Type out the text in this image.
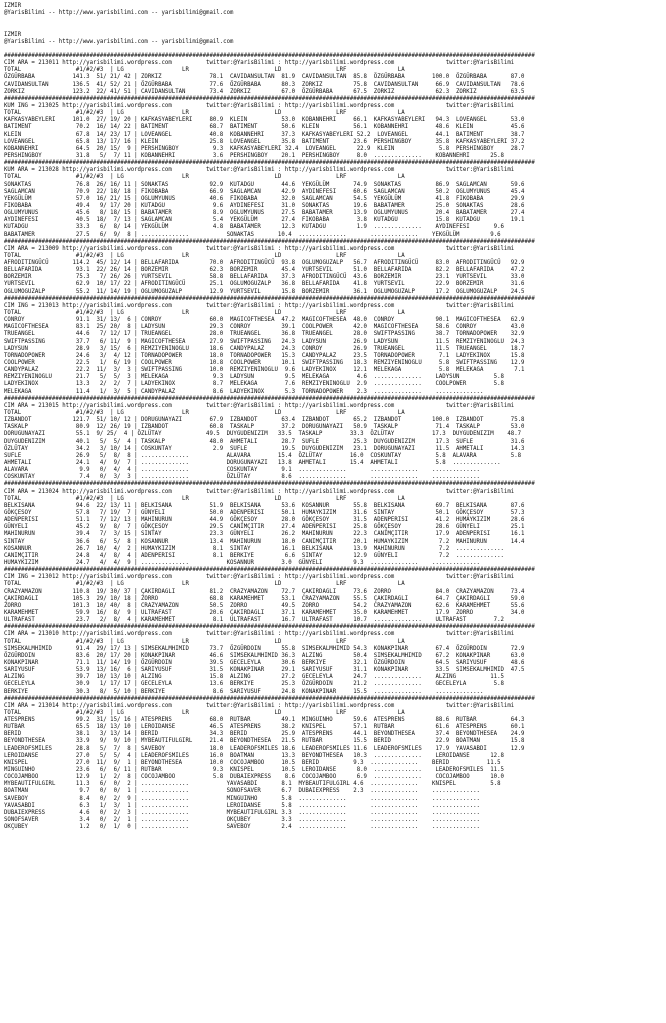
IZMIR
@YarisBilimi -- http://www.yarisbilimi.com -- yarisbilimi@gmail.com
IZMIR
@YarisBilimi -- http://www.yarisbilimi.com -- yarisbilimi@gmail.com
###########################################################################################################################################################
CIM ARA = 213011 http://yarisbilimi.wordpress.com          twitter:@YarisBilimi : http://yarisbilimi.wordpress.com               twitter:@YarisBilimi
TOTAL                #1/#2/#3  | LG                 LR                         LD                LRF               LA
ÖZGÜRBABA           141.3  51/ 21/ 42 | ZORKIZ              78.1  CAVIDANSULTAN  81.9  CAVIDANSULTAN  85.8  ÖZGÜRBABA        100.0  ÖZGÜRBABA       87.0
CAVIDANSULTAN       136.5  41/ 52/ 21 | ÖZGÜRBABA           77.6  ÖZGÜRBABA      80.3  ZORKIZ         75.8  CAVIDANSULTAN     66.9  CAVIDANSULTAN   78.6
ZORKIZ              123.2  22/ 41/ 51 | CAVIDANSULTAN       73.4  ZORKIZ         67.0  ÖZGÜRBABA      67.5  ZORKIZ            62.3  ZORKIZ          63.5
###########################################################################################################################################################
KUM ING = 213025 http://yarisbilimi.wordpress.com          twitter:@YarisBilimi : http://yarisbilimi.wordpress.com               twitter:@YarisBilimi
TOTAL                #1/#2/#3  | LG                 LR                         LD                LRF               LA
KAFKASYABEYLERI     101.0  27/ 19/ 20 | KAFKASYABEYLERI     80.9  KLEIN          53.0  KOBANNEHRI     66.1  KAFKASYABEYLERI   94.3  LOVEANGEL       53.0
BATIMENT             70.2  16/ 14/ 22 | BATIMENT            68.7  BATIMENT       50.6  KLEIN          56.1  KOBANNEHRI        48.6  KLEIN           45.6
KLEIN                67.8  14/ 23/ 17 | LOVEANGEL           40.8  KOBANNEHRI     37.3  KAFKASYABEYLERI 52.2  LOVEANGEL        44.1  BATIMENT        38.7
LOVEANGEL            65.8  13/ 17/ 16 | KLEIN               25.8  LOVEANGEL      35.8  BATIMENT       23.6  PERSHINGBOY       35.8  KAFKASYABEYLERI 37.2
KOBANNEHRI           64.5  20/ 15/  9 | PERSHINGBOY          9.3  KAFKASYABEYLERI 32.4  LOVEANGEL      22.9  KLEIN             5.8  PERSHINGBOY     28.7
PERSHINGBOY          31.8   5/  7/ 11 | KOBANNEHRI           3.6  PERSHINGBOY    20.1  PERSHINGBOY     8.0  ..............    KOBANNEHRI      25.8
###########################################################################################################################################################
KUM ARA = 213028 http://yarisbilimi.wordpress.com          twitter:@YarisBilimi : http://yarisbilimi.wordpress.com               twitter:@YarisBilimi
TOTAL                #1/#2/#3  | LG                 LR                         LD                LRF               LA
SONAKTAS             76.8  26/ 16/ 11 | SONAKTAS            92.9  KUTADGU        44.6  YEKGÜLÜM       74.9  SONAKTAS          86.9  SAGLAMCAN       59.6
SAGLAMCAN            70.9  22/ 18/ 18 | FIKOBABA            66.9  SAGLAMCAN      42.9  AYDINEFESI     60.6  SAGLAMCAN         50.2  OGLUMYUNUS      45.4
YEKGÜLÜM             57.0  16/ 21/ 15 | OGLUMYUNUS          40.6  FIKOBABA       32.0  SAGLAMCAN      54.5  YEKGÜLÜM          41.8  FIKOBABA        29.9
FIKOBABA             49.4   9/ 17/ 20 | KUTADGU              9.6  AYDINEFESI     31.0  SONAKTAS       19.6  BABATAMER         25.0  SONAKTAS        28.6
OGLUMYUNUS           45.6   8/ 18/ 15 | BABATAMER            8.9  OGLUMYUNUS     27.5  BABATAMER      13.9  OGLUMYUNUS        20.4  BABATAMER       27.4
AYDINEFESI           40.5  18/  7/ 13 | SAGLAMCAN            5.4  YEKGÜLÜM       27.4  FIKOBABA        3.8  KUTADGU           15.8  KUTADGU         19.1
KUTADGU              33.3   6/  8/ 14 | YEKGÜLÜM             4.8  BABATAMER      12.3  KUTADGU         1.9  ..............    AYDINEFESI       9.6
BABATAMER            27.5   6/  9/  8 | ..............           SONAKTAS       10.4  ..............       ..............    YEKGÜLÜM         9.6
###########################################################################################################################################################
CIM ARA = 213009 http://yarisbilimi.wordpress.com          twitter:@YarisBilimi : http://yarisbilimi.wordpress.com               twitter:@YarisBilimi
TOTAL                #1/#2/#3  | LG                 LR                         LD                LRF               LA
AFRODITINGÜCÜ       114.2  45/ 12/ 14 | BELLAFARIDA         70.0  AFRODITINGÜCÜ  93.8  OGLUMOGUZALP   56.7  AFRODITINGÜCÜ     83.0  AFRODITINGÜCÜ   92.9
BELLAFARIDA          93.1  22/ 26/ 14 | BORZEMIR            62.3  BORZEMIR       45.4  YURTSEVIL      51.0  BELLAFARIDA       82.2  BELLAFARIDA     47.2
BORZEMIR             75.3   7/ 26/ 26 | YURTSEVIL           58.8  BELLAFARIDA    37.3  AFRODITINGÜCÜ  43.6  BORZEMIR          23.1  YURTSEVIL       33.0
YURTSEVIL            62.9  10/ 17/ 22 | AFRODITINGÜCÜ       25.1  OGLUMOGUZALP   36.8  BELLAFARIDA    41.8  YURTSEVIL         22.9  BORZEMIR        31.6
OGLUMOGUZALP         55.2  11/ 14/ 19 | OGLUMOGUZALP        12.9  YURTSEVIL      15.8  BORZEMIR       36.1  OGLUMOGUZALP      17.2  OGLUMOGUZALP    24.5
###########################################################################################################################################################
CIM ING = 213013 http://yarisbilimi.wordpress.com          twitter:@YarisBilimi : http://yarisbilimi.wordpress.com               twitter:@YarisBilimi
TOTAL                #1/#2/#3  | LG                 LR                         LD                LRF               LA
CONROY               91.1  31/ 13/  6 | CONROY              60.0  MAGICOFTHESEA  47.2  MAGICOFTHESEA  48.0  CONROY            90.1  MAGICOFTHESEA   62.9
MAGICOFTHESEA        83.1  25/ 20/  8 | LADYSUN             29.3  CONROY         39.1  COOLPOWER      42.0  MAGICOFTHESEA     58.6  CONROY          43.0
TRUEANGEL            44.6   7/ 12/ 17 | TRUEANGEL           28.0  TRUEANGEL      36.8  TRUEANGEL      28.0  SWIFTPASSING      38.7  TORNADOPOWER    32.9
SWIFTPASSING         37.7   6/ 11/  9 | MAGICOFTHESEA       27.9  SWIFTPASSING   24.3  LADYSUN        26.9  LADYSUN           11.5  REMZIYENINOGLU  24.3
LADYSUN              28.9   3/ 15/  6 | REMZIYENINOGLU      18.6  CANDYPALAZ     24.3  CONROY         26.9  TRUEANGEL         11.5  TRUEANGEL       18.7
TORNADOPOWER         24.6   3/  4/ 12 | TORNADOPOWER        18.0  TORNADOPOWER   15.3  CANDYPALAZ     23.5  TORNADOPOWER       7.1  LADYEKINOX      15.8
COOLPOWER            22.5   1/  6/ 19 | COOLPOWER           10.8  COOLPOWER      10.1  SWIFTPASSING   18.3  REMZIYENINOGLU     5.8  SWIFTPASSING    12.9
CANDYPALAZ           22.2  11/  3/  3 | SWIFTPASSING        10.0  REMZIYENINOGLU  9.6  LADYEKINOX     12.1  MELEKAGA           5.8  MELEKAGA         7.1
REMZIYENINOGLU       21.7   5/  5/  3 | MELEKAGA             9.3  LADYSUN         9.5  MELEKAGA        4.6  ..............    LADYSUN          5.8
LADYEKINOX           13.3   2/  2/  7 | LADYEKINOX           8.7  MELEKAGA        7.6  REMZIYENINOGLU  2.9  ..............    COOLPOWER        5.8
MELEKAGA             11.4   1/  3/  5 | CANDYPALAZ           8.6  LADYEKINOX      5.3  TORNADOPOWER    2.3  ..............    ..............
###########################################################################################################################################################
CIM ARA = 213015 http://yarisbilimi.wordpress.com          twitter:@YarisBilimi : http://yarisbilimi.wordpress.com               twitter:@YarisBilimi
TOTAL                #1/#2/#3  | LG                 LR                         LD                LRF               LA
IZBANDOT            121.7  51/ 10/ 12 | DORUGUNAYAZI        67.9  IZBANDOT       63.4  IZBANDOT       65.2  IZBANDOT         100.0  IZBANDOT        75.8
TASKALP              80.9  12/ 26/ 19 | IZBANDOT            60.8  TASKALP        37.2  DORUGUNAYAZI   50.9  TASKALP           71.4  TASKALP         53.0
DORUGUNAYAZI         55.1  9/ 25/  4 | ÖZLÜTAY             49.5  DUYGUDENIZIM   33.5  TASKALP        33.3  ÖZLÜTAY           17.3  DUYGUDENIZIM    48.7
DUYGUDENIZIM         40.1   5/  5/  4 | TASKALP             48.0  AHMETALI       28.7  SUFLE          25.3  DUYGUDENIZIM      17.3  SUFLE           31.6
ÖZLÜTAY              34.2   3/ 10/ 14 | COSKUNTAY            2.9  SUFLE          19.5  DUYGUDENIZIM   23.1  DORUGUNAYAZI      11.5  AHMETALI        14.3
SUFLE                26.9   5/  8/  8 | ..............           ALAVARA        15.4  ÖZLÜTAY        16.0  COSKUNTAY          5.8  ALAVARA          5.8
AHMETALI             24.1   4/  9/  7 | ..............           DORUGUNAYAZI   13.8  AHMETALI       15.4  AHMETALI           5.8  ..............
ALAVARA               9.9   0/  4/  4 | ..............           COSKUNTAY       9.1  ..............       ..............    ..............
COSKUNTAY             7.4   0/  3/  3 | ..............           ÖZLÜTAY         8.6  ..............       ..............    ..............
###########################################################################################################################################################
CIM ARA = 213024 http://yarisbilimi.wordpress.com          twitter:@YarisBilimi : http://yarisbilimi.wordpress.com               twitter:@YarisBilimi
TOTAL                #1/#2/#3  | LG                 LR                         LD                LRF               LA
BELKISANA            94.6  22/ 13/ 11 | BELKISANA           51.9  BELKISANA      53.6  KOSANNUR       55.8  BELKISANA         69.7  BELKISANA       87.6
GÖKÇESOY             57.8   7/ 19/  7 | GÜNYELI             50.0  ADENPERISI     50.1  HUMAYKIZIM     31.6  SINTAY            50.1  GÖKÇESOY        57.3
ADENPERISI           51.1   7/ 12/ 13 | MAHINURUN           44.9  GÖKÇESOY       28.0  GÖKÇESOY       31.5  ADENPERISI        41.2  HUMAYKIZIM      28.6
GÜNYELI              45.2   9/  8/  7 | GÖKÇESOY            29.5  CANIMÇITIR     27.4  ADENPERISI     25.8  GÖKÇESOY          28.6  GÜNYELI         25.1
MAHINURUN            39.4   7/  3/ 15 | SINTAY              23.3  GÜNYELI        26.2  MAHINURUN      22.3  CANIMÇITIR        17.9  ADENPERISI      16.1
SINTAY               36.6   6/  5/  8 | KOSANNUR            13.4  MAHINURUN      18.0  CANIMÇITIR     20.1  HUMAYKIZIM         7.2  MAHINURUN       14.4
KOSANNUR             26.7  10/  4/  2 | HUMAYKIZIM           8.1  SINTAY         16.1  BELKISANA      13.9  MAHINURUN          7.2  ..............
CANIMÇITIR           24.8   4/  8/  4 | ADENPERISI           8.1  BERKIYE         6.6  SINTAY         12.9  GÜNYELI            7.2  ..............
HUMAYKIZIM           24.7   4/  4/  9 | ..............           KOSANNUR        3.0  GÜNYELI         9.3  ..............    ..............
###########################################################################################################################################################
CIM ING = 213012 http://yarisbilimi.wordpress.com          twitter:@YarisBilimi : http://yarisbilimi.wordpress.com               twitter:@YarisBilimi
TOTAL                #1/#2/#3  | LG                 LR                         LD                LRF               LA
CRAZYAMAZON         110.8  19/ 30/ 37 | ÇAKIRDAGLI          81.2  CRAZYAMAZON    72.7  ÇAKIRDAGLI     73.6  ZORRO             84.0  CRAZYAMAZON     73.4
ÇAKIRDAGLI          105.3  29/ 10/ 18 | ZORRO               68.8  KARAMEHMET     53.1  CRAZYAMAZON    55.5  ÇAKIRDAGLI        64.7  ÇAKIRDAGLI      59.0
ZORRO               101.3  10/ 40/  8 | CRAZYAMAZON         50.5  ZORRO          49.5  ZORRO          54.2  CRAZYAMAZON       62.6  KARAMEHMET      55.6
KARAMEHMET           59.9  16/  8/  9 | ULTRAFAST           20.6  ÇAKIRDAGLI     37.1  KARAMEHMET     35.0  KARAMEHMET        17.9  ZORRO           34.0
ULTRAFAST            23.7   2/  8/  4 | KARAMEHMET           8.1  ULTRAFAST      16.7  ULTRAFAST      10.7  ..............    ULTRAFAST        7.2
###########################################################################################################################################################
CIM ARA = 213010 http://yarisbilimi.wordpress.com          twitter:@YarisBilimi : http://yarisbilimi.wordpress.com               twitter:@YarisBilimi
TOTAL                #1/#2/#3  | LG                 LR                         LD                LRF               LA
SIMSEKALMHIMID       91.4  29/ 17/ 13 | SIMSEKALMHIMID      73.7  ÖZGÜRDOIN      55.8  SIMSEKALMHIMID 54.3  KONAKPINAR        67.4  ÖZGÜRDOIN       72.9
ÖZGÜRDOIN            83.6  20/ 17/ 20 | KONAKPINAR          46.6  SIMSEKALMHIMID 36.3  ALZING         50.4  SIMSEKALMHIMID    67.2  KONAKPINAR      63.0
KONAKPINAR           71.1  11/ 14/ 19 | ÖZGÜRDOIN           39.5  GECELEYLA      30.6  BERKIYE        32.1  ÖZGÜRDOIN         64.5  SARIYUSUF       48.6
SARIYUSUF            53.9  13/ 16/  6 | SARIYUSUF           31.5  KONAKPINAR     29.1  SARIYUSUF      31.1  KONAKPINAR        33.5  SIMSEKALMHIMID  47.5
ALZING               39.7  10/ 13/ 10 | ALZING              15.8  ALZING         27.2  GECELEYLA      24.7  ..............    ALZING          11.5
GECELEYLA            30.9   1/ 17/ 17 | GECELEYLA           13.6  BERKIYE        25.3  ÖZGÜRDOIN      21.2  ..............    GECELEYLA        5.8
BERKIYE              30.3   8/  5/ 10 | BERKIYE              8.6  SARIYUSUF      24.8  KONAKPINAR     15.5  ..............    ..............
###########################################################################################################################################################
CIM ARA = 213014 http://yarisbilimi.wordpress.com          twitter:@YarisBilimi : http://yarisbilimi.wordpress.com               twitter:@YarisBilimi
TOTAL                #1/#2/#3  | LG                 LR                         LD                LRF               LA
ATESPRENS            99.2  31/ 15/ 16 | ATESPRENS           68.0  RUTBAR         49.1  MINGUINHO      59.6  ATESPRENS         88.6  RUTBAR          64.3
RUTBAR               65.5  18/ 13/ 10 | LEROIDANSE          46.5  ATESPRENS      38.2  KNISPEL        57.1  RUTBAR            61.6  ATESPRENS       60.1
BERID                38.1   3/ 13/ 14 | BERID               34.3  BERID          25.9  ATESPRENS      44.1  BEYONDTHESEA      37.4  BEYONDTHESEA    24.9
BEYONDTHESEA         33.9   9/  9/ 10 | MYBEAUTIFULGIRL     21.4  BEYONDTHESEA   21.5  RUTBAR         15.5  BERID             22.9  BOATMAN         15.8
LEADEROFSMILES       28.8   5/  7/  8 | SAVEBOY             18.0  LEADEROFSMILES 18.6  LEADEROFSMILES 11.6  LEADEROFSMILES    17.9  YAVASABDI       12.9
LEROIDANSE           27.0   5/  5/  4 | LEADEROFSMILES      16.0  BOATMAN        13.3  BEYONDTHESEA   10.3  ..............    LEROIDANSE      12.8
KNISPEL              27.0  11/  9/  1 | BEYONDTHESEA        10.0  COCOJAMBOO     10.5  BERID          9.3  ..............    BERID           11.5
MINGUINHO            23.6   6/  6/ 11 | RUTBAR               9.3  KNISPEL        10.5  LEROIDANSE      8.0  ..............    LEADEROFSMILES  11.5
COCOJAMBOO           12.9   1/  2/  8 | COCOJAMBOO           5.8  DUBAIEXPRESS    8.6  COCOJAMBOO      6.9  ..............    COCOJAMBOO      10.0
MYBEAUTIFULGIRL      11.3   6/  0/  2 | ..............           YAVASABDI       8.1  MYBEAUTIFULGIRL 4.6  ..............    KNISPEL          5.8
BOATMAN               9.7   0/  0/  1 | ..............           SONOFSAVER      6.7  DUBAIEXPRESS    2.3  ..............    ..............
SAVEBOY               8.4   0/  2/  9 | ..............           MINGUINHO       5.8  ..............       ..............    ..............
YAVASABDI             6.3   1/  3/  1 | ..............           LEROIDANSE      5.8  ..............       ..............    ..............
DUBAIEXPRESS          4.6   0/  2/  3 | ..............           MYBEAUTIFULGIRL 3.3  ..............       ..............    ..............
SONOFSAVER            3.4   0/  2/  1 | ..............           OKÇUBEY         3.3  ..............       ..............    ..............
OKÇUBEY               1.2   0/  1/  0 | ..............           SAVEBOY         2.4  ..............       ..............    ..............
